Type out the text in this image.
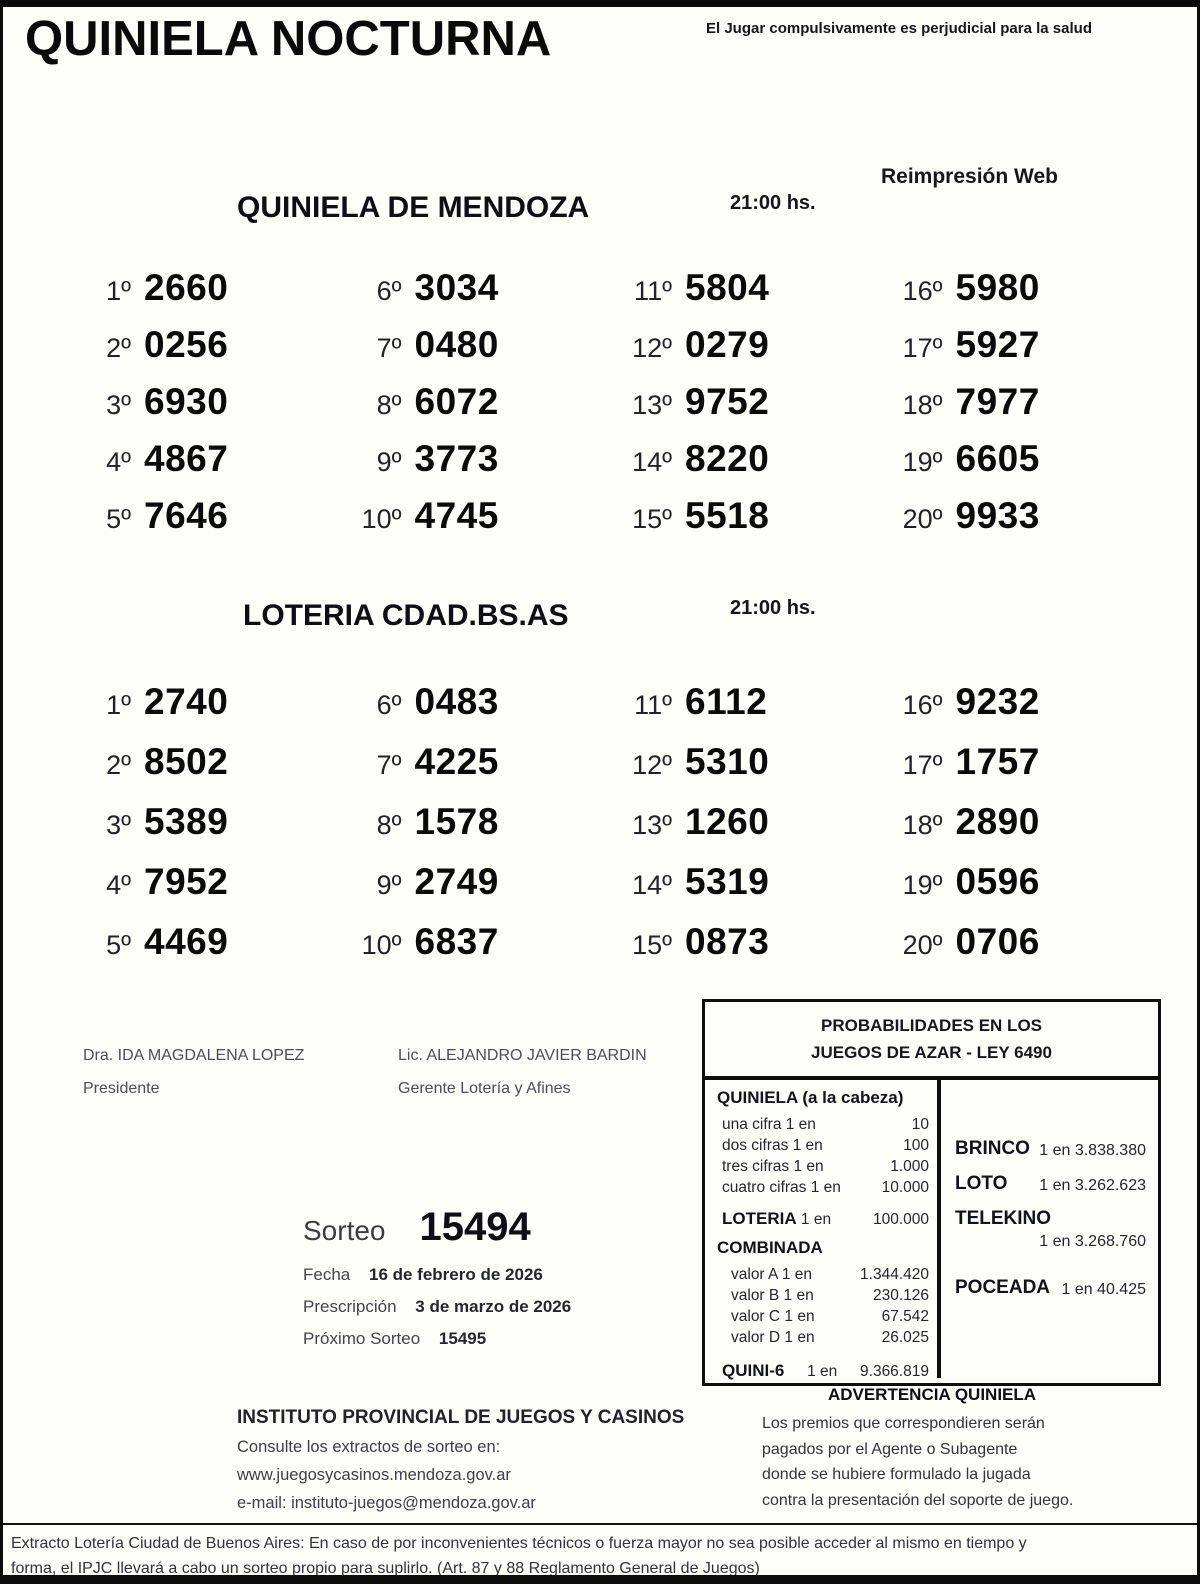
QUINIELA NOCTURNA	El Jugar compulsivamente es perjudicial para la salud
Reimpresión Web
QUINIELA DE MENDOZA	21:00 hs.
1º 2660
2º 0256
3º 6930
4º 4867
5º 7646
6º 3034
7º 0480
8º 6072
9º 3773
10º 4745
11º 5804
12º 0279
13º 9752
14º 8220
15º 5518
16º 5980
17º 5927
18º 7977
19º 6605
20º 9933
LOTERIA CDAD.BS.AS	21:00 hs.
1º 2740
2º 8502
3º 5389
4º 7952
5º 4469
6º 0483
7º 4225
8º 1578
9º 2749
10º 6837
11º 6112
12º 5310
13º 1260
14º 5319
15º 0873
16º 9232
17º 1757
18º 2890
19º 0596
20º 0706
Dra. IDA MAGDALENA LOPEZ
Presidente
Lic. ALEJANDRO JAVIER BARDIN
Gerente Lotería y Afines
Sorteo 15494
Fecha 16 de febrero de 2026
Prescripción 3 de marzo de 2026
Próximo Sorteo 15495
PROBABILIDADES EN LOS
JUEGOS DE AZAR - LEY 6490
QUINIELA (a la cabeza)
una cifra 1 en	10
dos cifras 1 en	100
tres cifras 1 en	1.000
cuatro cifras 1 en	10.000
LOTERIA 1 en	100.000
COMBINADA
valor A 1 en	1.344.420
valor B 1 en	230.126
valor C 1 en	67.542
valor D 1 en	26.025
QUINI-6 1 en 9.366.819
BRINCO 1 en 3.838.380
LOTO 1 en 3.262.623
TELEKINO
1 en 3.268.760
POCEADA 1 en 40.425
ADVERTENCIA QUINIELA
Los premios que correspondieren serán
pagados por el Agente o Subagente
donde se hubiere formulado la jugada
contra la presentación del soporte de juego.
INSTITUTO PROVINCIAL DE JUEGOS Y CASINOS
Consulte los extractos de sorteo en:
www.juegosycasinos.mendoza.gov.ar
e-mail: instituto-juegos@mendoza.gov.ar
Extracto Lotería Ciudad de Buenos Aires: En caso de por inconvenientes técnicos o fuerza mayor no sea posible acceder al mismo en tiempo y
forma, el IPJC llevará a cabo un sorteo propio para suplirlo. (Art. 87 y 88 Reglamento General de Juegos)
